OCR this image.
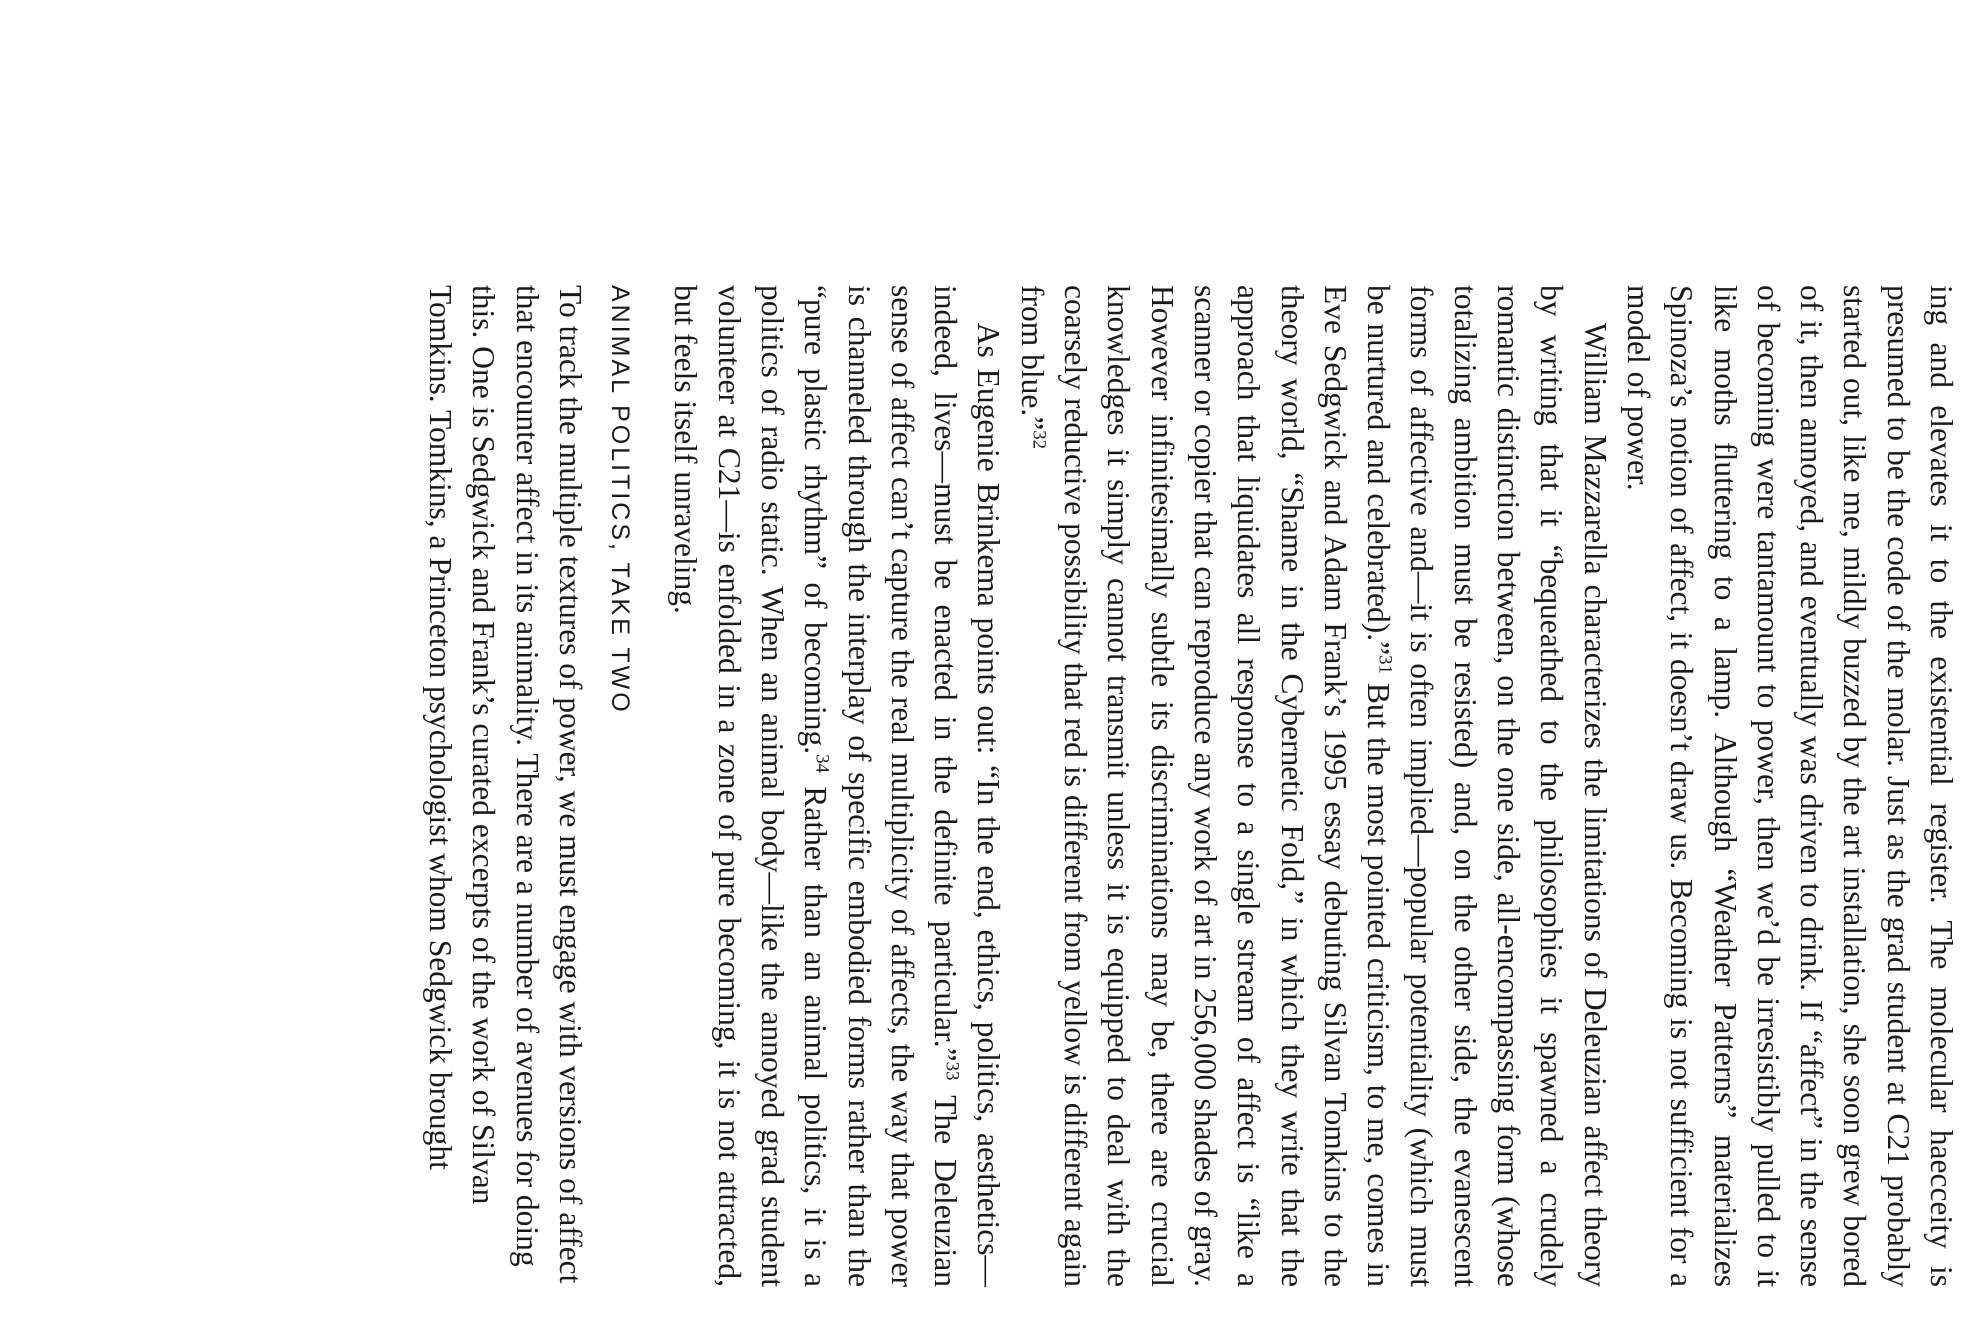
ing and elevates it to the existential register. The molecular haecceity is presumed to be the code of the molar. Just as the grad student at C21 probably started out, like me, mildly buzzed by the art installation, she soon grew bored of it, then annoyed, and eventually was driven to drink. If “affect” in the sense of becoming were tantamount to power, then we’d be irresistibly pulled to it like moths fluttering to a lamp. Although “Weather Patterns” materializes Spinoza’s notion of affect, it doesn’t draw us. Becoming is not sufficient for a model of power.

William Mazzarella characterizes the limitations of Deleuzian affect theory by writing that it “bequeathed to the philosophies it spawned a crudely romantic distinction between, on the one side, all-encompassing form (whose totalizing ambition must be resisted) and, on the other side, the evanescent forms of affective and—it is often implied—popular potentiality (which must be nurtured and celebrated).”$^{31}$ But the most pointed criticism, to me, comes in Eve Sedgwick and Adam Frank’s 1995 essay debuting Silvan Tomkins to the theory world, “Shame in the Cybernetic Fold,” in which they write that the approach that liquidates all response to a single stream of affect is “like a scanner or copier that can reproduce any work of art in 256,000 shades of gray. However infinitesimally subtle its discriminations may be, there are crucial knowledges it simply cannot transmit unless it is equipped to deal with the coarsely reductive possibility that red is different from yellow is different again from blue.”$^{32}$

As Eugenie Brinkema points out: “In the end, ethics, politics, aesthetics—indeed, lives—must be enacted in the definite particular.”$^{33}$ The Deleuzian sense of affect can’t capture the real multiplicity of affects, the way that power is channeled through the interplay of specific embodied forms rather than the “pure plastic rhythm” of becoming.$^{34}$ Rather than an animal politics, it is a politics of radio static. When an animal body—like the annoyed grad student volunteer at C21—is enfolded in a zone of pure becoming, it is not attracted, but feels itself unraveling.

ANIMAL POLITICS, TAKE TWO

To track the multiple textures of power, we must engage with versions of affect that encounter affect in its animality. There are a number of avenues for doing this. One is Sedgwick and Frank’s curated excerpts of the work of Silvan Tomkins. Tomkins, a Princeton psychologist whom Sedgwick brought
